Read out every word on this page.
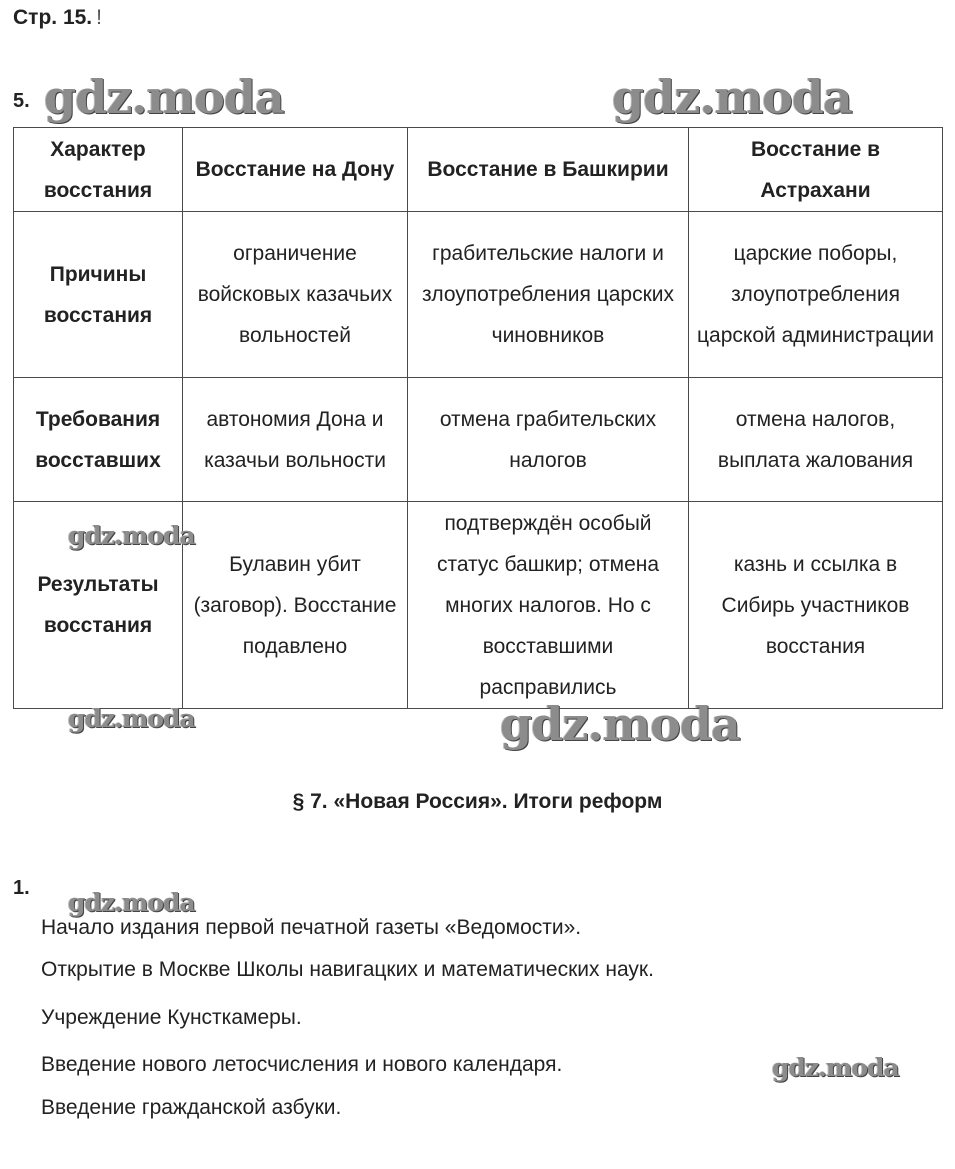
Стр. 15. !
5. gdz.moda	gdz.moda
Характер восстания	Восстание на Дону	Восстание в Башкирии	Восстание в Астрахани
Причины восстания	ограничение войсковых казачьих вольностей	грабительские налоги и злоупотребления царских чиновников	царские поборы, злоупотребления царской администрации
Требования восставших	автономия Дона и казачьи вольности	отмена грабительских налогов	отмена налогов, выплата жалования
Результаты восстания	Булавин убит (заговор). Восстание подавлено	подтверждён особый статус башкир; отмена многих налогов. Но с восставшими расправились	казнь и ссылка в Сибирь участников восстания
gdz.moda
gdz.moda	gdz.moda
§ 7. «Новая Россия». Итоги реформ
1. gdz.moda
gdz.moda
Начало издания первой печатной газеты «Ведомости».
Открытие в Москве Школы навигацких и математических наук.
Учреждение Кунсткамеры.
Введение нового летосчисления и нового календаря.
Введение гражданской азбуки.
